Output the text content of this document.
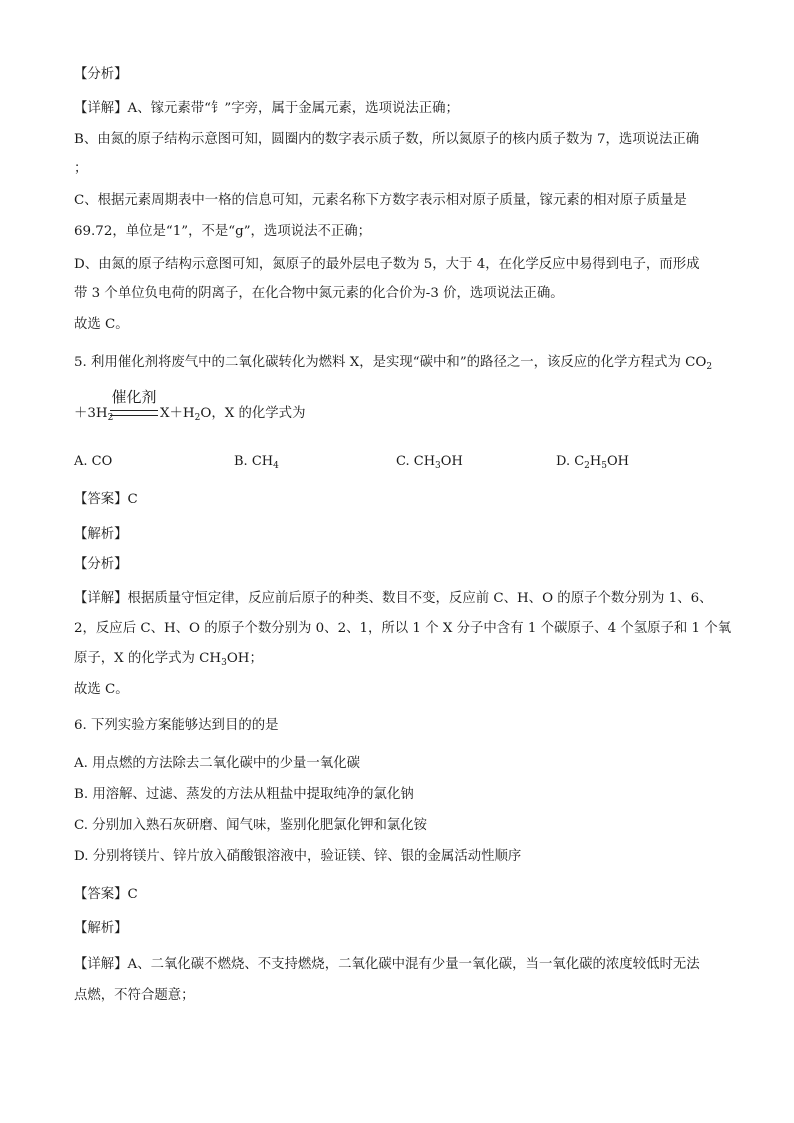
【分析】
【详解】A、镓元素带“钅”字旁，属于金属元素，选项说法正确；
B、由氮的原子结构示意图可知，圆圈内的数字表示质子数，所以氮原子的核内质子数为 7，选项说法正确
；
C、根据元素周期表中一格的信息可知，元素名称下方数字表示相对原子质量，镓元素的相对原子质量是
69.72，单位是“1”，不是“g”，选项说法不正确；
D、由氮的原子结构示意图可知，氮原子的最外层电子数为 5，大于 4，在化学反应中易得到电子，而形成
带 3 个单位负电荷的阴离子，在化合物中氮元素的化合价为-3 价，选项说法正确。
故选 C。
5. 利用催化剂将废气中的二氧化碳转化为燃料 X，是实现“碳中和”的路径之一，该反应的化学方程式为 $CO_2$
催化剂
$+3H_2$	$X+H_2O$，X 的化学式为
A. CO	B. $CH_4$	C. $CH_3OH$	D. $C_2H_5OH$
【答案】C
【解析】
【分析】
【详解】根据质量守恒定律，反应前后原子的种类、数目不变，反应前 C、H、O 的原子个数分别为 1、6、
2，反应后 C、H、O 的原子个数分别为 0、2、1，所以 1 个 X 分子中含有 1 个碳原子、4 个氢原子和 1 个氧
原子，X 的化学式为 $CH_3OH$；
故选 C。
6. 下列实验方案能够达到目的的是
A. 用点燃的方法除去二氧化碳中的少量一氧化碳
B. 用溶解、过滤、蒸发的方法从粗盐中提取纯净的氯化钠
C. 分别加入熟石灰研磨、闻气味，鉴别化肥氯化钾和氯化铵
D. 分别将镁片、锌片放入硝酸银溶液中，验证镁、锌、银的金属活动性顺序
【答案】C
【解析】
【详解】A、二氧化碳不燃烧、不支持燃烧，二氧化碳中混有少量一氧化碳，当一氧化碳的浓度较低时无法
点燃，不符合题意；
